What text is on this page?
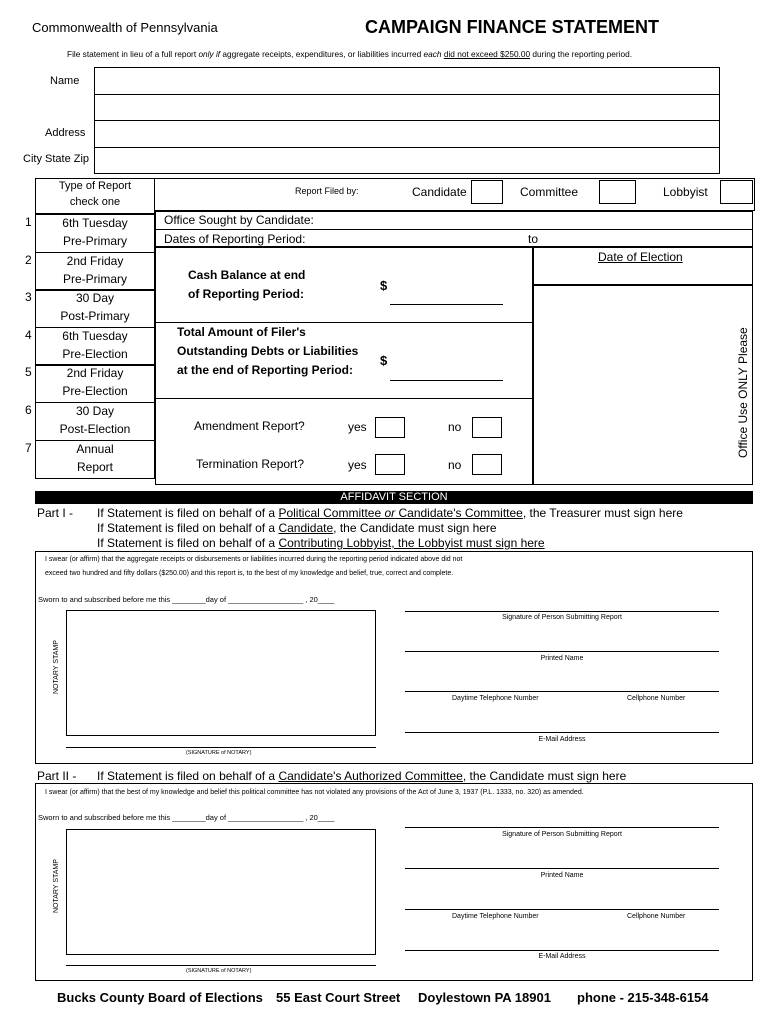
Commonwealth of Pennsylvania	CAMPAIGN FINANCE STATEMENT
File statement in lieu of a full report only if aggregate receipts, expenditures, or liabilities incurred each did not exceed $250.00 during the reporting period.
Name
Address
City State Zip
Type of Report
check one
6th Tuesday
Pre-Primary
1
2nd Friday
Pre-Primary
2
30 Day
Post-Primary
3
6th Tuesday
Pre-Election
4
2nd Friday
Pre-Election
5
30 Day
Post-Election
6
Annual
Report
7
Report Filed by:	Candidate	Committee	Lobbyist
Office Sought by Candidate:
Dates of Reporting Period:	to
Cash Balance at end
of Reporting Period:
$
Total Amount of Filer's
Outstanding Debts or Liabilities
at the end of Reporting Period:
$
Amendment Report?	yes	no
Termination Report?	yes	no
Date of Election
Office Use ONLY Please
AFFIDAVIT SECTION
Part I - If Statement is filed on behalf of a Political Committee or Candidate's Committee, the Treasurer must sign here
If Statement is filed on behalf of a Candidate, the Candidate must sign here
If Statement is filed on behalf of a Contributing Lobbyist, the Lobbyist must sign here
I swear (or affirm) that the aggregate receipts or disbursements or liabilities incurred during the reporting period indicated above did not
exceed two hundred and fifty dollars ($250.00) and this report is, to the best of my knowledge and belief, true, correct and complete.
Sworn to and subscribed before me this ________day of __________________ , 20____
NOTARY STAMP
(SIGNATURE of NOTARY)
Signature of Person Submitting Report
Printed Name
Daytime Telephone Number	Cellphone Number
E-Mail Address
Part II - If Statement is filed on behalf of a Candidate's Authorized Committee, the Candidate must sign here
I swear (or affirm) that the best of my knowledge and belief this political committee has not violated any provisions of the Act of June 3, 1937 (P.L. 1333, no. 320) as amended.
Sworn to and subscribed before me this ________day of __________________ , 20____
NOTARY STAMP
(SIGNATURE of NOTARY)
Signature of Person Submitting Report
Printed Name
Daytime Telephone Number	Cellphone Number
E-Mail Address
Bucks County Board of Elections 55 East Court Street Doylestown PA 18901 phone - 215-348-6154
